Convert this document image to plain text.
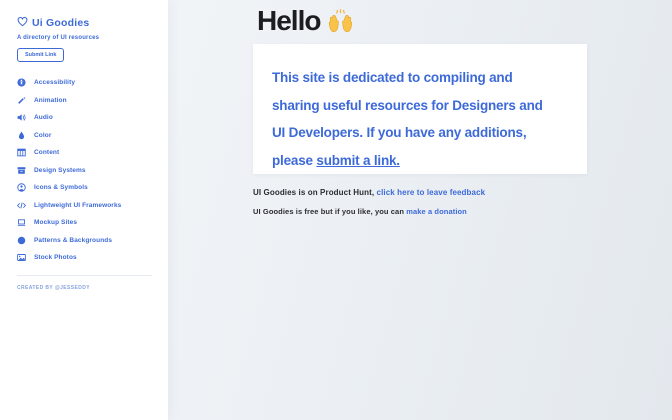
Ui Goodies
A directory of UI resources
Submit Link
Accessibility
Animation
Audio
Color
Content
Design Systems
Icons & Symbols
Lightweight UI Frameworks
Mockup Sites
Patterns & Backgrounds
Stock Photos
CREATED BY @JESSEDDY
Hello
This site is dedicated to compiling and
sharing useful resources for Designers and
UI Developers. If you have any additions,
please submit a link.
UI Goodies is on Product Hunt, click here to leave feedback
UI Goodies is free but if you like, you can make a donation
